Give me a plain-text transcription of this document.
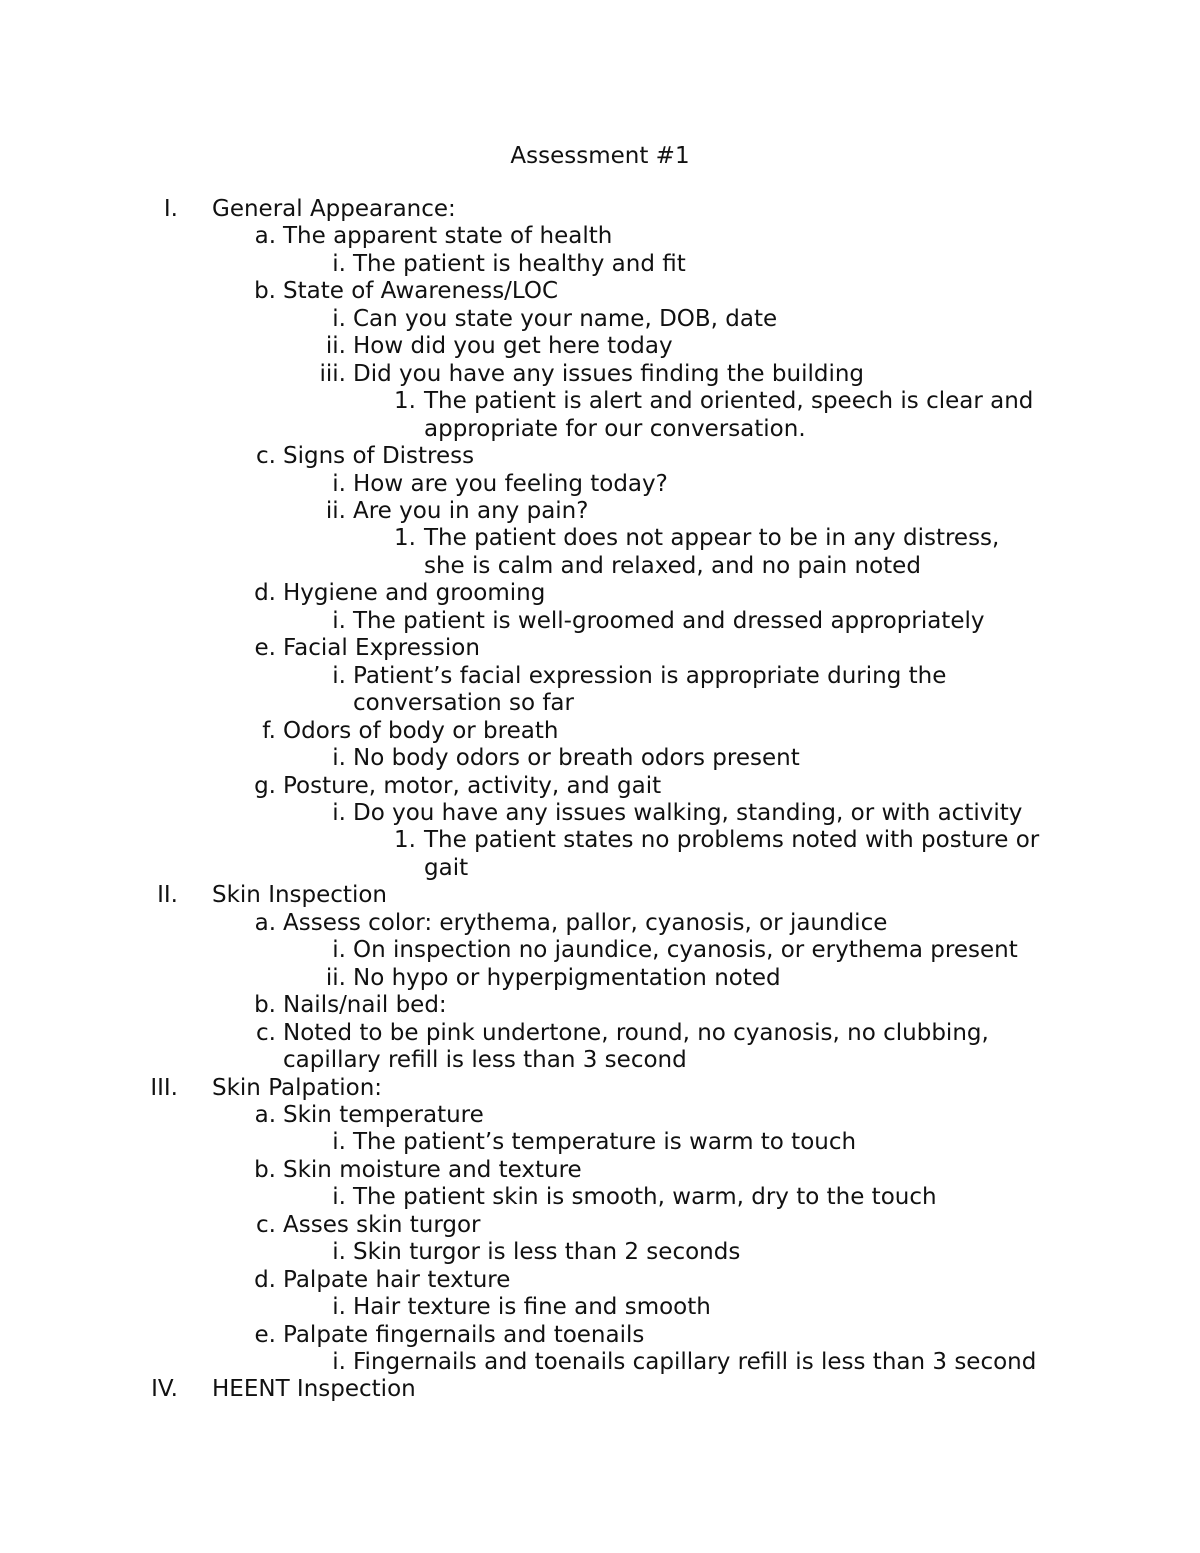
Assessment #1
I. General Appearance:
a. The apparent state of health
i. The patient is healthy and fit
b. State of Awareness/LOC
i. Can you state your name, DOB, date
ii. How did you get here today
iii. Did you have any issues finding the building
1. The patient is alert and oriented, speech is clear and
appropriate for our conversation.
c. Signs of Distress
i. How are you feeling today?
ii. Are you in any pain?
1. The patient does not appear to be in any distress,
she is calm and relaxed, and no pain noted
d. Hygiene and grooming
i. The patient is well-groomed and dressed appropriately
e. Facial Expression
i. Patient’s facial expression is appropriate during the
conversation so far
f. Odors of body or breath
i. No body odors or breath odors present
g. Posture, motor, activity, and gait
i. Do you have any issues walking, standing, or with activity
1. The patient states no problems noted with posture or
gait
II. Skin Inspection
a. Assess color: erythema, pallor, cyanosis, or jaundice
i. On inspection no jaundice, cyanosis, or erythema present
ii. No hypo or hyperpigmentation noted
b. Nails/nail bed:
c. Noted to be pink undertone, round, no cyanosis, no clubbing,
capillary refill is less than 3 second
III. Skin Palpation:
a. Skin temperature
i. The patient’s temperature is warm to touch
b. Skin moisture and texture
i. The patient skin is smooth, warm, dry to the touch
c. Asses skin turgor
i. Skin turgor is less than 2 seconds
d. Palpate hair texture
i. Hair texture is fine and smooth
e. Palpate fingernails and toenails
i. Fingernails and toenails capillary refill is less than 3 second
IV. HEENT Inspection
